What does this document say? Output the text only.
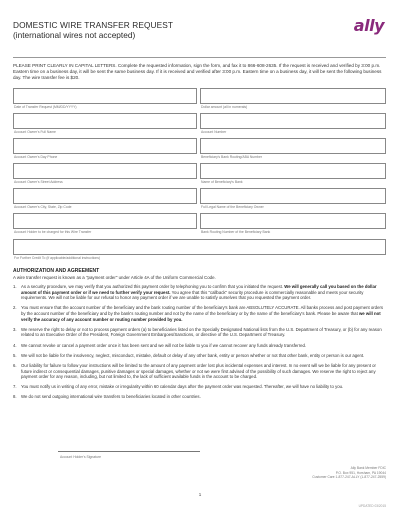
DOMESTIC WIRE TRANSFER REQUEST
(international wires not accepted)	ally
PLEASE PRINT CLEARLY IN CAPITAL LETTERS. Complete the requested information, sign the form, and fax it to 866-608-2635. If the request is received and verified by 3:00 p.m. Eastern time on a business day, it will be sent the same business day. If it is received and verified after 3:00 p.m. Eastern time on a business day, it will be sent the following business day. The wire transfer fee is $20.
Date of Transfer Request (MM/DD/YYYY)	Dollar amount (all in numerals)
Account Owner's Full Name	Account Number
Account Owner's Day Phone	Beneficiary's Bank Routing/ABA Number
Account Owner's Street Address	Name of Beneficiary's Bank
Account Owner's City, State, Zip Code	Full Legal Name of the Beneficiary Owner
Account Holder to be charged for this Wire Transfer	Bank Routing Number of the Beneficiary Bank
For Further Credit To (if applicable/additional instructions)
AUTHORIZATION AND AGREEMENT
A wire transfer request is known as a "payment order" under Article 4A of the Uniform Commercial Code.
1. As a security procedure, we may verify that you authorized this payment order by telephoning you to confirm that you initiated the request. We will generally call you based on the dollar amount of this payment order or if we need to further verify your request. You agree that this "callback" security procedure is commercially reasonable and meets your security requirements. We will not be liable for our refusal to honor any payment order if we are unable to satisfy ourselves that you requested the payment order.
2. You must ensure that the account number of the beneficiary and the bank routing number of the beneficiary's bank are ABSOLUTELY ACCURATE. All banks process and post payment orders by the account number of the beneficiary and by the bank's routing number and not by the name of the beneficiary or by the name of the beneficiary's bank. Please be aware that we will not verify the accuracy of any account number or routing number provided by you.
3. We reserve the right to delay or not to process payment orders (a) to beneficiaries listed on the Specially Designated National lists from the U.S. Department of Treasury, or (b) for any reason related to an Executive Order of the President, Foreign Government Embargoes/Sanctions, or directive of the U.S. Department of Treasury.
4. We cannot revoke or cancel a payment order once it has been sent and we will not be liable to you if we cannot recover any funds already transferred.
5. We will not be liable for the insolvency, neglect, misconduct, mistake, default or delay of any other bank, entity or person whether or not that other bank, entity or person is our agent.
6. Our liability for failure to follow your instructions will be limited to the amount of any payment order lost plus incidental expenses and interest. In no event will we be liable for any present or future indirect or consequential damages, punitive damages or special damages, whether or not we were first advised of the possibility of such damages. We reserve the right to reject any payment order for any reason, including, but not limited to, the lack of sufficient available funds in the account to be charged.
7. You must notify us in writing of any error, mistake or irregularity within 60 calendar days after the payment order was requested. Thereafter, we will have no liability to you.
8. We do not send outgoing international wire transfers to beneficiaries located in other countries.
Account Holder's Signature
Ally Bank Member FDIC
P.O. Box 951, Horsham, PA 19044
Customer Care 1-877-247-ALLY (1-877-247-2559)
1
UPDATED 03/2015
